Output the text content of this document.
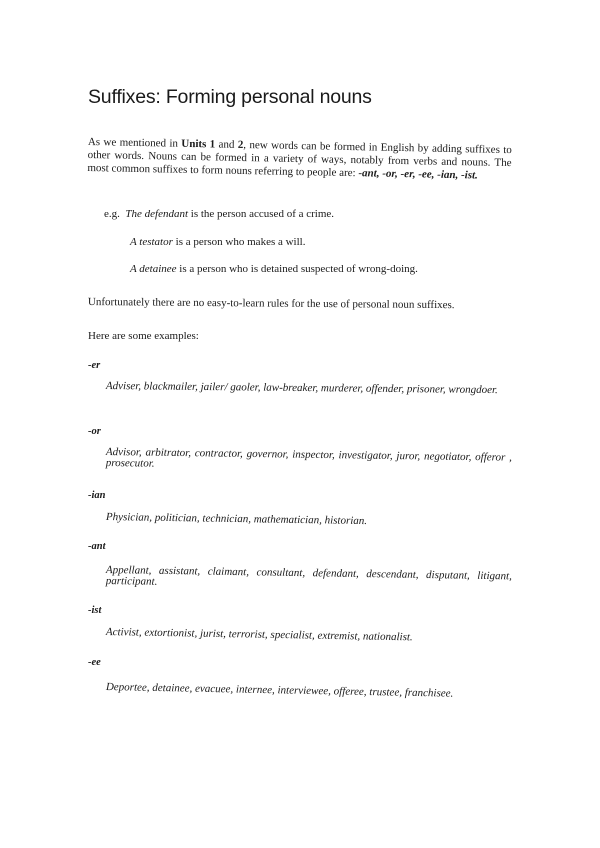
Suffixes: Forming personal nouns

As we mentioned in Units 1 and 2, new words can be formed in English by adding suffixes to other words. Nouns can be formed in a variety of ways, notably from verbs and nouns. The most common suffixes to form nouns referring to people are: -ant, -or, -er, -ee, -ian, -ist.

e.g. The defendant is the person accused of a crime.
A testator is a person who makes a will.
A detainee is a person who is detained suspected of wrong-doing.

Unfortunately there are no easy-to-learn rules for the use of personal noun suffixes.

Here are some examples:

-er
Adviser, blackmailer, jailer/ gaoler, law-breaker, murderer, offender, prisoner, wrongdoer.
-or
Advisor, arbitrator, contractor, governor, inspector, investigator, juror, negotiator, offeror , prosecutor.
-ian
Physician, politician, technician, mathematician, historian.
-ant
Appellant, assistant, claimant, consultant, defendant, descendant, disputant, litigant, participant.
-ist
Activist, extortionist, jurist, terrorist, specialist, extremist, nationalist.
-ee
Deportee, detainee, evacuee, internee, interviewee, offeree, trustee, franchisee.
